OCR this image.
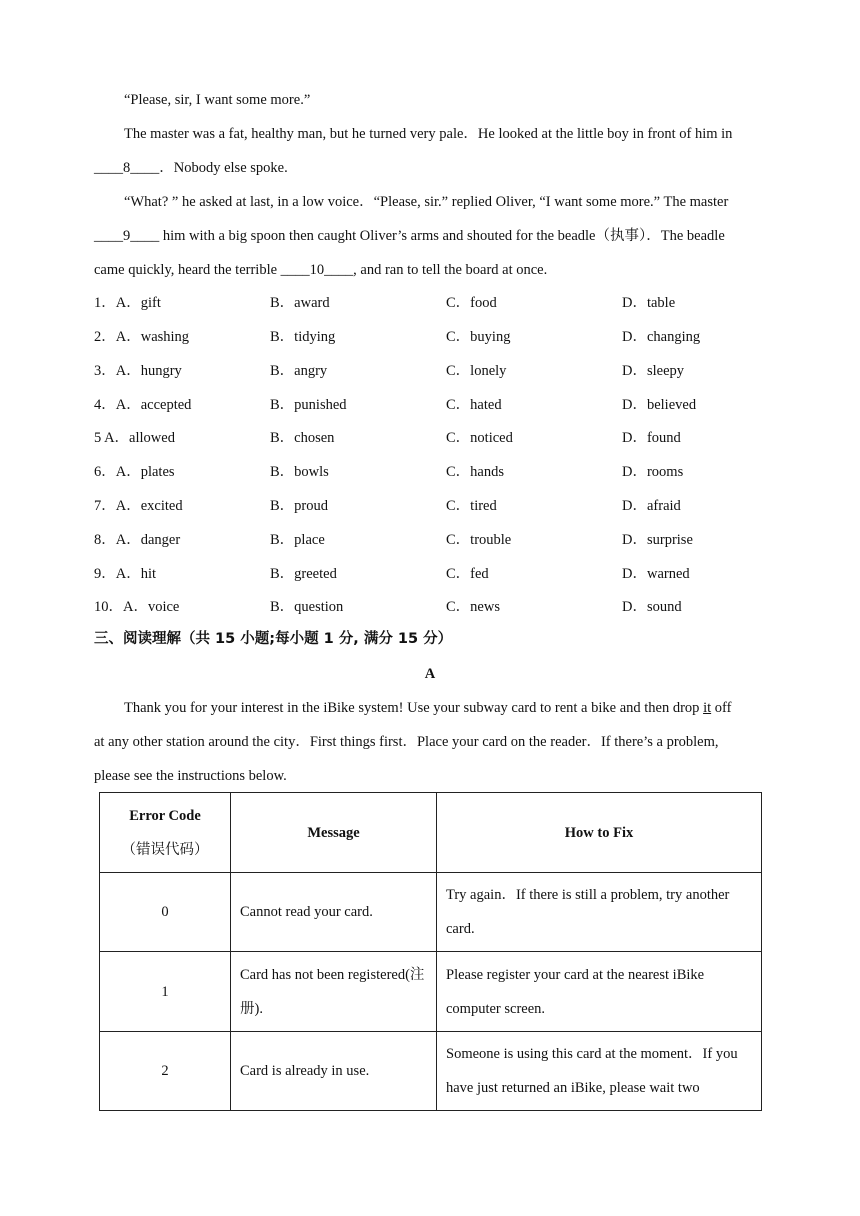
“Please, sir, I want some more.”
The master was a fat, healthy man, but he turned very pale．He looked at the little boy in front of him in
____8____．Nobody else spoke.
“What? ” he asked at last, in a low voice．“Please, sir.” replied Oliver, “I want some more.” The master
____9____ him with a big spoon then caught Oliver’s arms and shouted for the beadle（执事）．The beadle
came quickly, heard the terrible ____10____, and ran to tell the board at once.
1．A．gift	B．award	C．food	D．table
2．A．washing	B．tidying	C．buying	D．changing
3．A．hungry	B．angry	C．lonely	D．sleepy
4．A．accepted	B．punished	C．hated	D．believed
5 A．allowed	B．chosen	C．noticed	D．found
6．A．plates	B．bowls	C．hands	D．rooms
7．A．excited	B．proud	C．tired	D．afraid
8．A．danger	B．place	C．trouble	D．surprise
9．A．hit	B．greeted	C．fed	D．warned
10．A．voice	B．question	C．news	D．sound
三、阅读理解（共 15 小题;每小题 1 分, 满分 15 分）
A
Thank you for your interest in the iBike system! Use your subway card to rent a bike and then drop it off
at any other station around the city．First things first．Place your card on the reader．If there’s a problem,
please see the instructions below.
Error Code
（错误代码）	Message	How to Fix
0	Cannot read your card.	Try again．If there is still a problem, try another card.
1	Card has not been registered(注册).	Please register your card at the nearest iBike computer screen.
2	Card is already in use.	Someone is using this card at the moment．If you have just returned an iBike, please wait two
